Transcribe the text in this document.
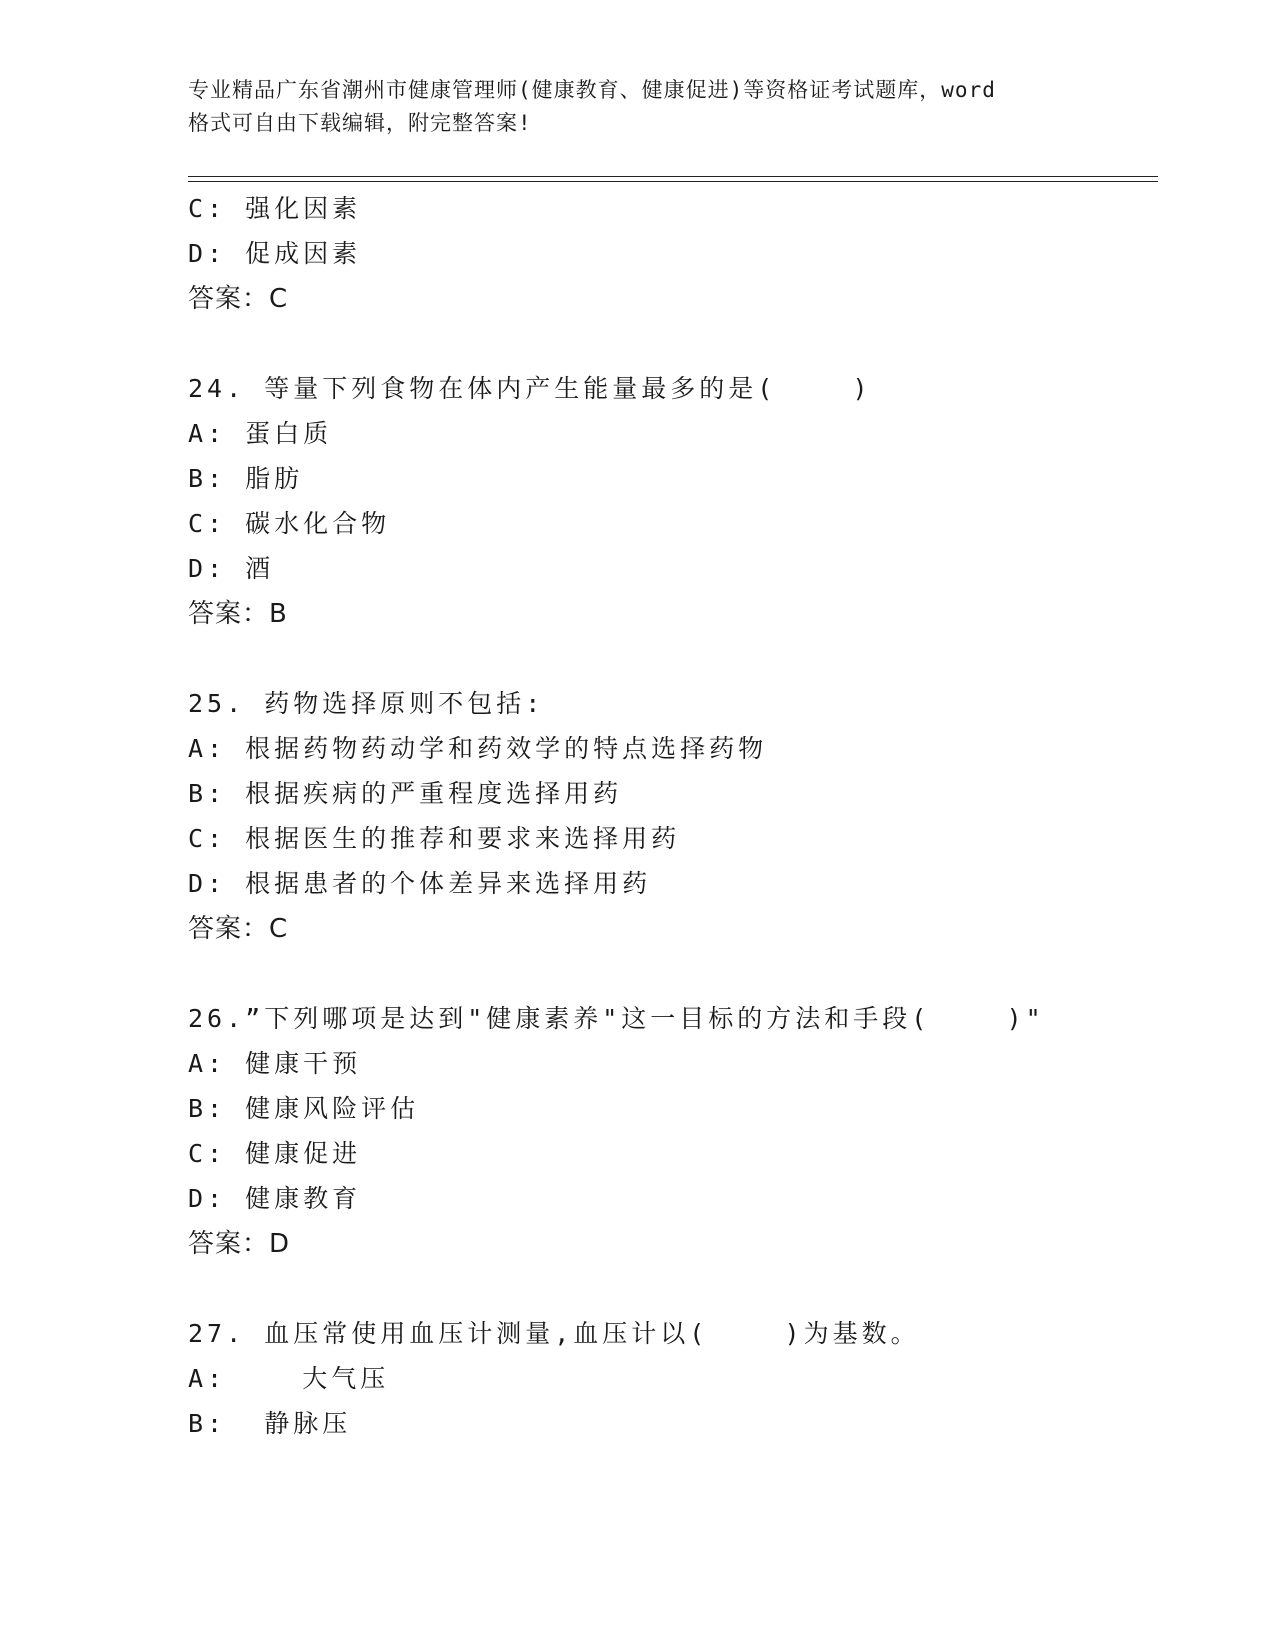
专业精品广东省潮州市健康管理师(健康教育、健康促进)等资格证考试题库，word
格式可自由下载编辑，附完整答案!
C: 强化因素
D: 促成因素
答案：C
24. 等量下列食物在体内产生能量最多的是(    )
A: 蛋白质
B: 脂肪
C: 碳水化合物
D: 酒
答案：B
25. 药物选择原则不包括:
A: 根据药物药动学和药效学的特点选择药物
B: 根据疾病的严重程度选择用药
C: 根据医生的推荐和要求来选择用药
D: 根据患者的个体差异来选择用药
答案：C
26.”下列哪项是达到"健康素养"这一目标的方法和手段(    )"
A: 健康干预
B: 健康风险评估
C: 健康促进
D: 健康教育
答案：D
27. 血压常使用血压计测量,血压计以(    )为基数。
A:    大气压
B:  静脉压
